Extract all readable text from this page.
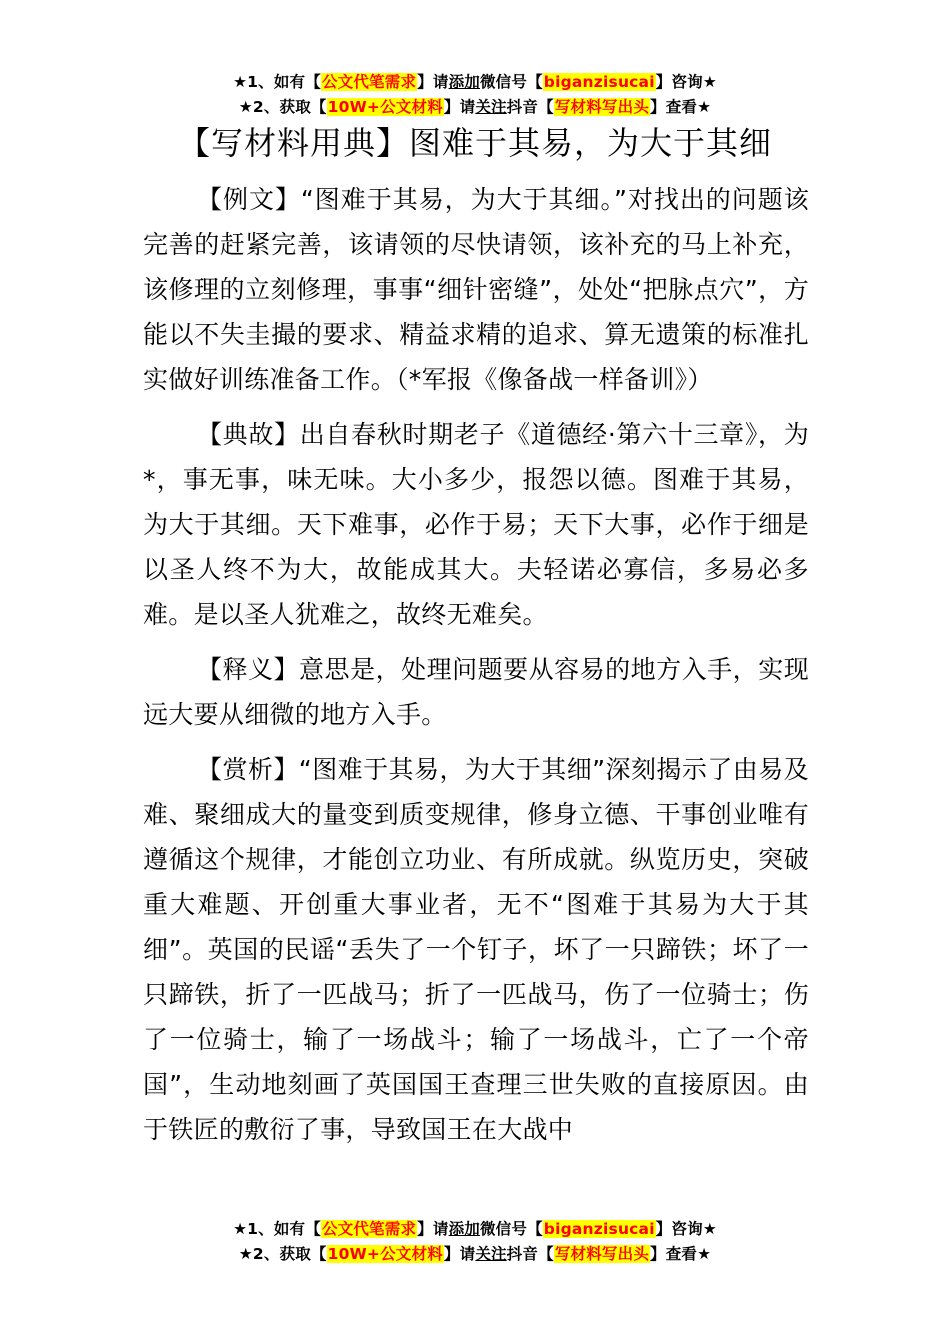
★1、如有【公文代笔需求】请添加微信号【biganzisucai】咨询★
★2、获取【10W+公文材料】请关注抖音【写材料写出头】查看★
【写材料用典】图难于其易，为大于其细

【例文】“图难于其易，为大于其细。”对找出的问题该完善的赶紧完善，该请领的尽快请领，该补充的马上补充，该修理的立刻修理，事事“细针密缝”，处处“把脉点穴”，方能以不失圭撮的要求、精益求精的追求、算无遗策的标准扎实做好训练准备工作。（*军报《像备战一样备训》）

【典故】出自春秋时期老子《道德经·第六十三章》，为*，事无事，味无味。大小多少，报怨以德。图难于其易，为大于其细。天下难事，必作于易；天下大事，必作于细是以圣人终不为大，故能成其大。夫轻诺必寡信，多易必多难。是以圣人犹难之，故终无难矣。

【释义】意思是，处理问题要从容易的地方入手，实现远大要从细微的地方入手。

【赏析】“图难于其易，为大于其细”深刻揭示了由易及难、聚细成大的量变到质变规律，修身立德、干事创业唯有遵循这个规律，才能创立功业、有所成就。纵览历史，突破重大难题、开创重大事业者，无不“图难于其易为大于其细”。英国的民谣“丢失了一个钉子，坏了一只蹄铁；坏了一只蹄铁，折了一匹战马；折了一匹战马，伤了一位骑士；伤了一位骑士，输了一场战斗；输了一场战斗，亡了一个帝国”，生动地刻画了英国国王查理三世失败的直接原因。由于铁匠的敷衍了事，导致国王在大战中

★1、如有【公文代笔需求】请添加微信号【biganzisucai】咨询★
★2、获取【10W+公文材料】请关注抖音【写材料写出头】查看★
